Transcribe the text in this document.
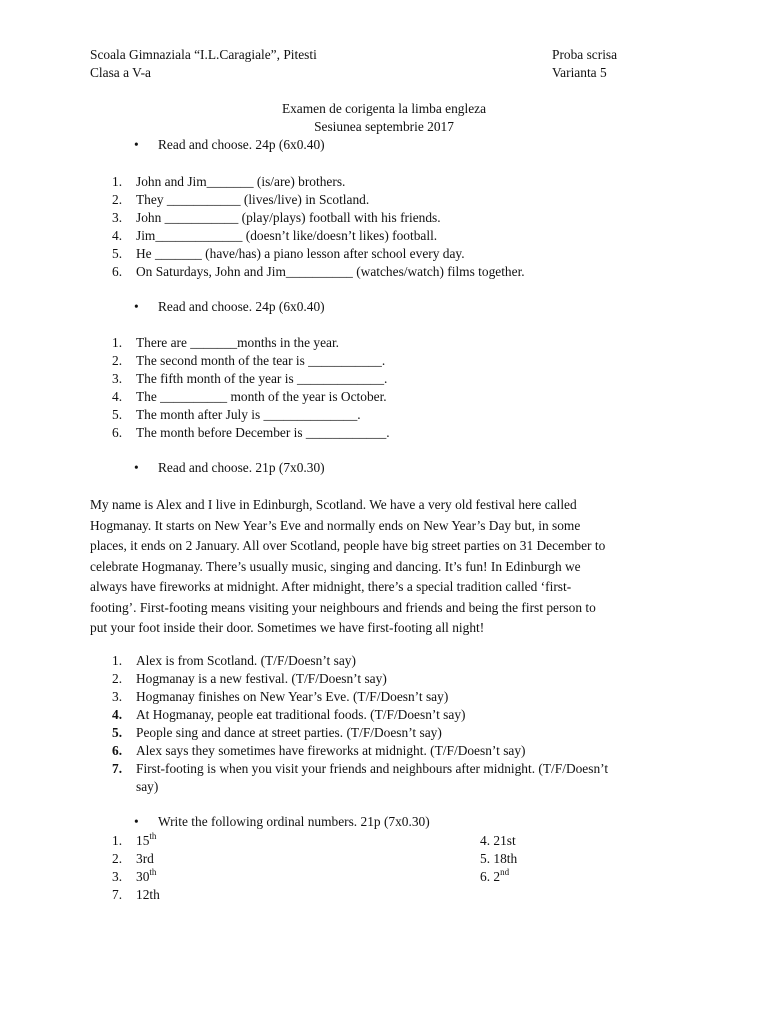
Scoala Gimnaziala “I.L.Caragiale”, Pitesti
Clasa a V-a
Proba scrisa
Varianta 5
Examen de corigenta la limba engleza
Sesiunea septembrie 2017
• Read and choose. 24p (6x0.40)
1.	John and Jim_______ (is/are) brothers.
2.	They ___________ (lives/live) in Scotland.
3.	John ___________ (play/plays) football with his friends.
4.	Jim_____________ (doesn’t like/doesn’t likes) football.
5.	He _______ (have/has) a piano lesson after school every day.
6.	On Saturdays, John and Jim__________ (watches/watch) films together.
• Read and choose. 24p (6x0.40)
1.	There are _______months in the year.
2.	The second month of the tear is ___________.
3.	The fifth month of the year is _____________.
4.	The __________ month of the year is October.
5.	The month after July is ______________.
6.	The month before December is ____________.
• Read and choose. 21p (7x0.30)
My name is Alex and I live in Edinburgh, Scotland. We have a very old festival here called
Hogmanay. It starts on New Year’s Eve and normally ends on New Year’s Day but, in some
places, it ends on 2 January. All over Scotland, people have big street parties on 31 December to
celebrate Hogmanay. There’s usually music, singing and dancing. It’s fun! In Edinburgh we
always have fireworks at midnight. After midnight, there’s a special tradition called ‘first-
footing’. First-footing means visiting your neighbours and friends and being the first person to
put your foot inside their door. Sometimes we have first-footing all night!
1.	Alex is from Scotland. (T/F/Doesn’t say)
2.	Hogmanay is a new festival. (T/F/Doesn’t say)
3.	Hogmanay finishes on New Year’s Eve. (T/F/Doesn’t say)
4.	At Hogmanay, people eat traditional foods. (T/F/Doesn’t say)
5.	People sing and dance at street parties. (T/F/Doesn’t say)
6.	Alex says they sometimes have fireworks at midnight. (T/F/Doesn’t say)
7.	First-footing is when you visit your friends and neighbours after midnight. (T/F/Doesn’t
say)
• Write the following ordinal numbers. 21p (7x0.30)
1.	15th
2.	3rd
3.	30th
7.	12th
4. 21st
5. 18th
6. 2nd
